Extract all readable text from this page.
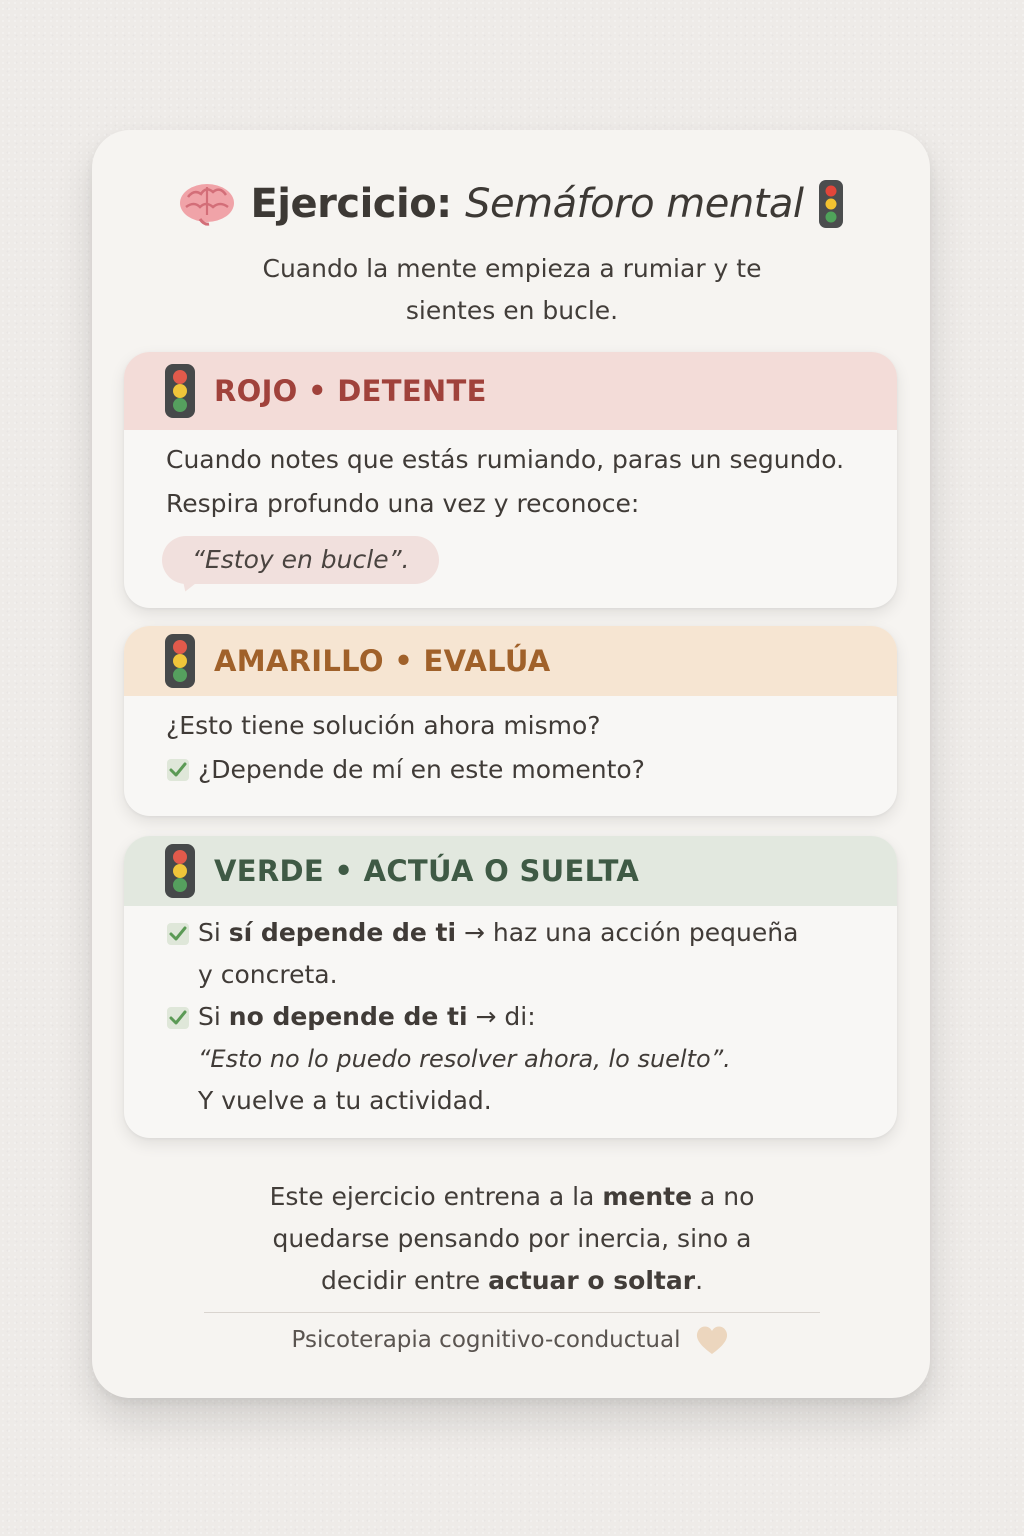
Ejercicio: Semáforo mental
Cuando la mente empieza a rumiar y te
sientes en bucle.
ROJO • DETENTE
Cuando notes que estás rumiando, paras un segundo.
Respira profundo una vez y reconoce:
“Estoy en bucle”.
AMARILLO • EVALÚA
¿Esto tiene solución ahora mismo?
¿Depende de mí en este momento?
VERDE • ACTÚA O SUELTA
Si sí depende de ti → haz una acción pequeña
y concreta.
Si no depende de ti → di:
“Esto no lo puedo resolver ahora, lo suelto”.
Y vuelve a tu actividad.
Este ejercicio entrena a la mente a no
quedarse pensando por inercia, sino a
decidir entre actuar o soltar.
Psicoterapia cognitivo-conductual
